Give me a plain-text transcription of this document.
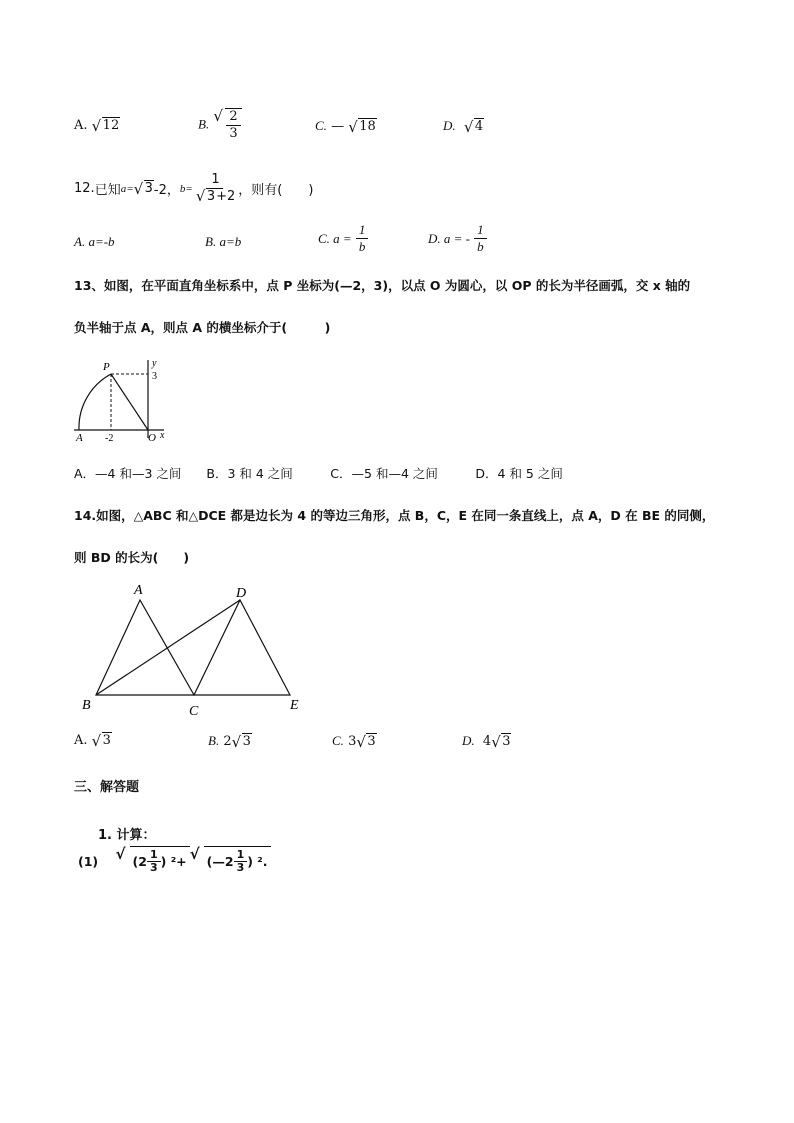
A. √ 12	B. √ $\frac{2}{3}$	C. — √ 18	D. √ 4
12. 已知 a= √ 3 -2， b= 1
√ 3+2 ，则有(　　)
A. a=-b	B. a=b	C. a =
$\frac{1}{b}$	D. a = -
$\frac{1}{b}$
13、如图，在平面直角坐标系中，点 P 坐标为(—2，3)，以点 O 为圆心，以 OP 的长为半径画弧，交 x 轴的
负半轴于点 A，则点 A 的横坐标介于(　　　)
P	y
3
A -2	O x
A．—4 和—3 之间　　B．3 和 4 之间　　　C．—5 和—4 之间　　　D．4 和 5 之间
14.如图，△ABC 和△DCE 都是边长为 4 的等边三角形，点 B，C，E 在同一条直线上，点 A，D 在 BE 的同侧，
则 BD 的长为(　　)
A	D
B	C	E
A. √ 3	B. 2 √ 3	C. 3 √ 3	D. 4 √ 3
三、解答题
1. 计算：
(1)
	√ ($2 \frac{1}{3}$ ) ²+ √ (—2 $\frac{1}{3}$ ) ².
